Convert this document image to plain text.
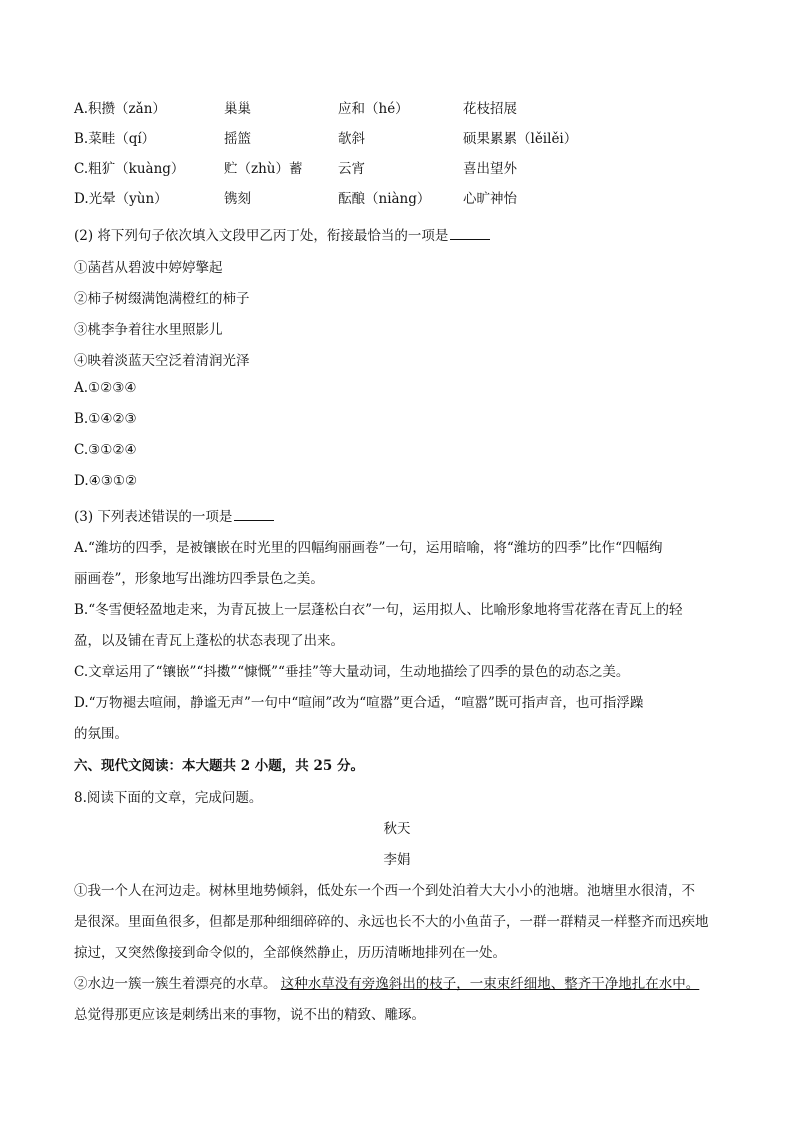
A.积攒（zǎn）	巢巢	应和（hé）	花枝招展
B.菜畦（qí）	摇篮	欹斜	硕果累累（lěilěi）
C.粗犷（kuàng）	贮（zhù）蓄	云宵	喜出望外
D.光晕（yùn）	镌刻	酝酿（niàng） 心旷神怡
(2) 将下列句子依次填入文段甲乙丙丁处，衔接最恰当的一项是
①菡萏从碧波中婷婷擎起
②柿子树缀满饱满橙红的柿子
③桃李争着往水里照影儿
④映着淡蓝天空泛着清润光泽
A.①②③④
B.①④②③
C.③①②④
D.④③①②
(3) 下列表述错误的一项是
A.“潍坊的四季，是被镶嵌在时光里的四幅绚丽画卷”一句，运用暗喻，将“潍坊的四季”比作“四幅绚
丽画卷”，形象地写出潍坊四季景色之美。
B.“冬雪便轻盈地走来，为青瓦披上一层蓬松白衣”一句，运用拟人、比喻形象地将雪花落在青瓦上的轻
盈，以及铺在青瓦上蓬松的状态表现了出来。
C.文章运用了“镶嵌”“抖擞”“慷慨”“垂挂”等大量动词，生动地描绘了四季的景色的动态之美。
D.“万物褪去喧闹，静谧无声”一句中“喧闹”改为“喧嚣”更合适，“喧嚣”既可指声音，也可指浮躁
的氛围。
六、现代文阅读：本大题共 2 小题，共 25 分。
8.阅读下面的文章，完成问题。
秋天
李娟
①我一个人在河边走。树林里地势倾斜，低处东一个西一个到处泊着大大小小的池塘。池塘里水很清，不
是很深。里面鱼很多，但都是那种细细碎碎的、永远也长不大的小鱼苗子，一群一群精灵一样整齐而迅疾地
掠过，又突然像接到命令似的，全部倏然静止，历历清晰地排列在一处。
②水边一簇一簇生着漂亮的水草。 这种水草没有旁逸斜出的枝子，一束束纤细地、整齐干净地扎在水中。
总觉得那更应该是刺绣出来的事物，说不出的精致、雕琢。
